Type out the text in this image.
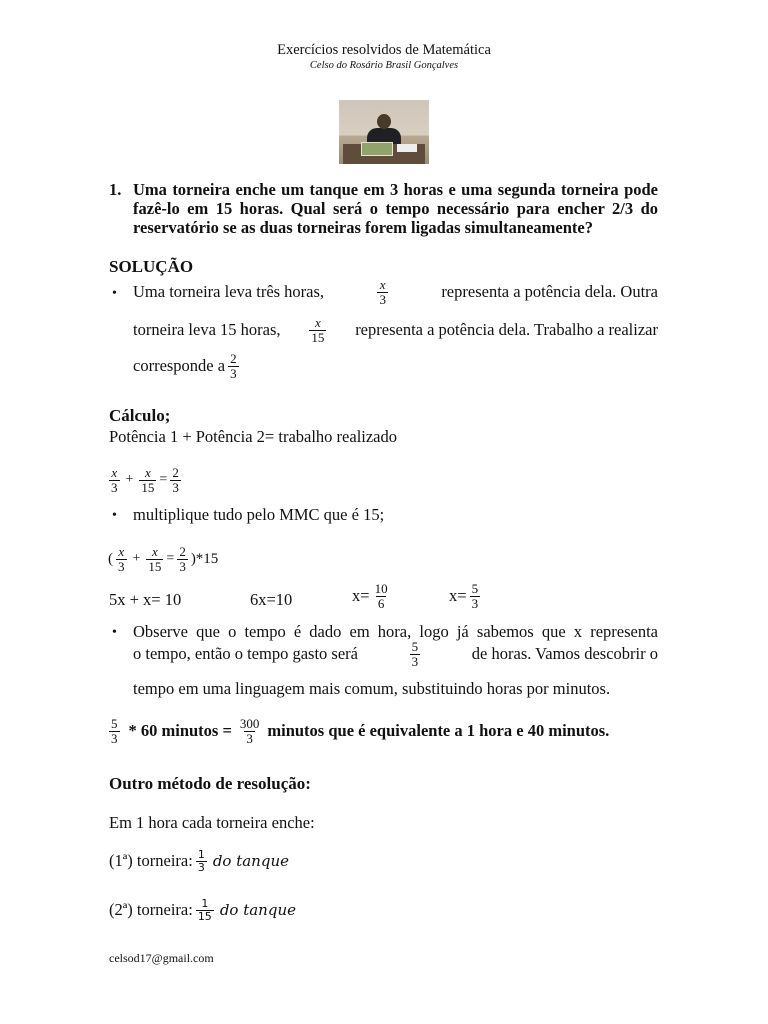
Exercícios resolvidos de Matemática
Celso do Rosário Brasil Gonçalves
1. Uma torneira enche um tanque em 3 horas e uma segunda torneira pode
fazê-lo em 15 horas. Qual será o tempo necessário para encher 2/3 do
reservatório se as duas torneiras forem ligadas simultaneamente?
SOLUÇÃO
• Uma torneira leva três horas,	$\frac{x}{3}$	representa a potência dela. Outra
torneira leva 15 horas, $\frac{x}{15}$ representa a potência dela. Trabalho a realizar
corresponde a $\frac{2}{3}$
Cálculo;
Potência 1 + Potência 2= trabalho realizado
$\frac{x}{3} + \frac{x}{15} = \frac{2}{3}$
• multiplique tudo pelo MMC que é 15;
( $\frac{x}{3} + \frac{x}{15} = \frac{2}{3} )*15$
5x + x= 10	6x=10	$x= \frac{10}{6}$	$x= \frac{5}{3}$
• Observe que o tempo é dado em hora, logo já sabemos que x representa
o tempo, então o tempo gasto será	$\frac{5}{3}$	de horas. Vamos descobrir o
tempo em uma linguagem mais comum, substituindo horas por minutos.
$\frac{5}{3} * 60$ minutos = $\frac{300}{3}$ minutos que é equivalente a 1 hora e 40 minutos.
Outro método de resolução:
Em 1 hora cada torneira enche:
(1ª) torneira: $\frac{1}{3}$ do tanque
(2ª) torneira: $\frac{1}{15}$ do tanque
celsod17@gmail.com
